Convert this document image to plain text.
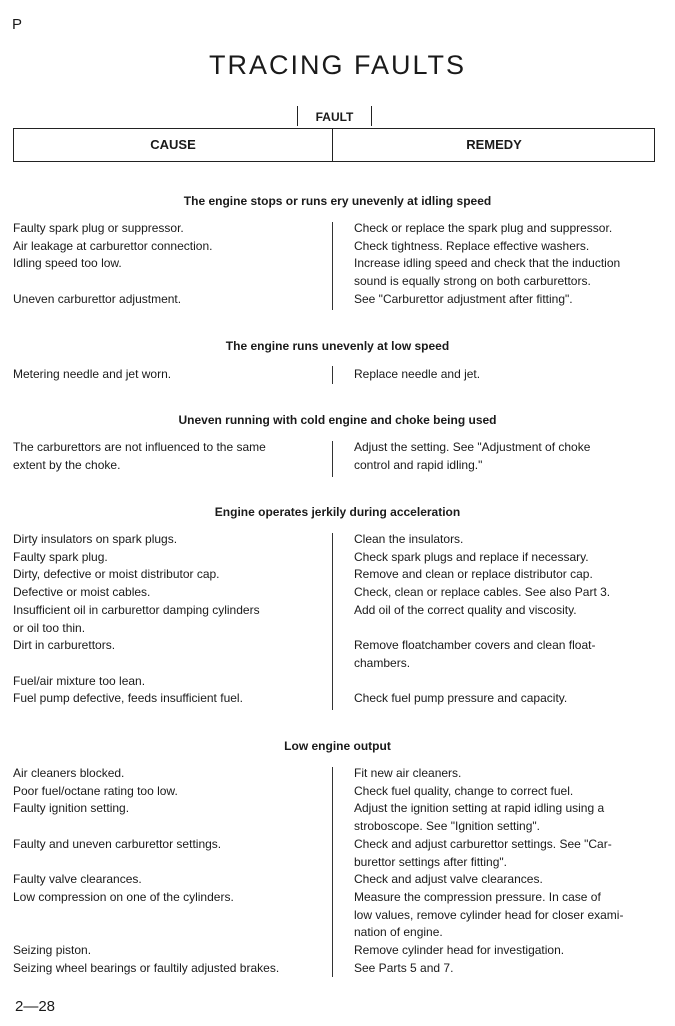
P
TRACING FAULTS
FAULT
CAUSE	REMEDY
The engine stops or runs ery unevenly at idling speed
Faulty spark plug or suppressor.
Air leakage at carburettor connection.
Idling speed too low.

Uneven carburettor adjustment.
Check or replace the spark plug and suppressor.
Check tightness. Replace effective washers.
Increase idling speed and check that the induction
sound is equally strong on both carburettors.
See "Carburettor adjustment after fitting".
The engine runs unevenly at low speed
Metering needle and jet worn.	Replace needle and jet.
Uneven running with cold engine and choke being used
The carburettors are not influenced to the same
extent by the choke.
Adjust the setting. See "Adjustment of choke
control and rapid idling."
Engine operates jerkily during acceleration
Dirty insulators on spark plugs.
Faulty spark plug.
Dirty, defective or moist distributor cap.
Defective or moist cables.
Insufficient oil in carburettor damping cylinders
or oil too thin.
Dirt in carburettors.

Fuel/air mixture too lean.
Fuel pump defective, feeds insufficient fuel.
Clean the insulators.
Check spark plugs and replace if necessary.
Remove and clean or replace distributor cap.
Check, clean or replace cables. See also Part 3.
Add oil of the correct quality and viscosity.

Remove floatchamber covers and clean float-
chambers.

Check fuel pump pressure and capacity.
Low engine output
Air cleaners blocked.
Poor fuel/octane rating too low.
Faulty ignition setting.

Faulty and uneven carburettor settings.

Faulty valve clearances.
Low compression on one of the cylinders.

Seizing piston.
Seizing wheel bearings or faultily adjusted brakes.
Fit new air cleaners.
Check fuel quality, change to correct fuel.
Adjust the ignition setting at rapid idling using a
stroboscope. See "Ignition setting".
Check and adjust carburettor settings. See "Car-
burettor settings after fitting".
Check and adjust valve clearances.
Measure the compression pressure. In case of
low values, remove cylinder head for closer exami-
nation of engine.
Remove cylinder head for investigation.
See Parts 5 and 7.
2—28
